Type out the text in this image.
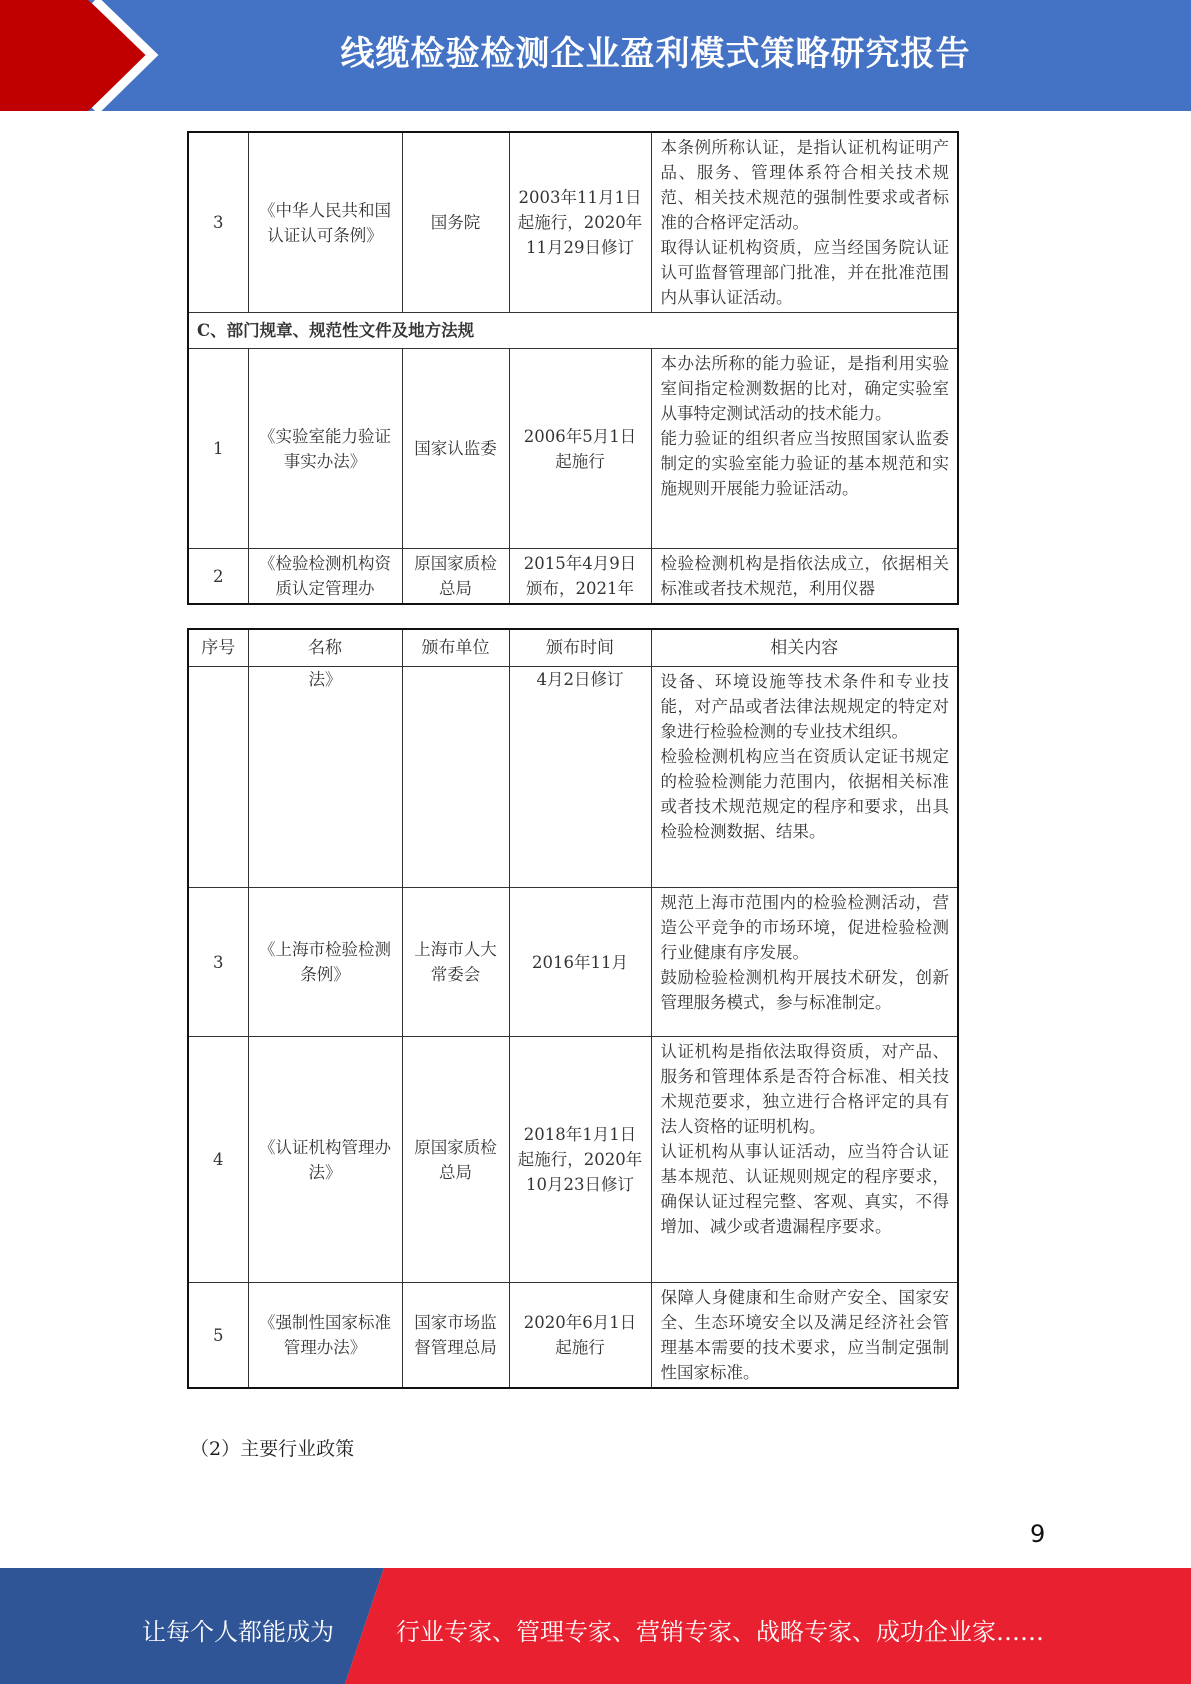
线缆检验检测企业盈利模式策略研究报告
3	《中华人民共和国认证认可条例》	国务院	2003年11月1日起施行，2020年11月29日修订	本条例所称认证，是指认证机构证明产品、服务、管理体系符合相关技术规范、相关技术规范的强制性要求或者标准的合格评定活动。
取得认证机构资质，应当经国务院认证认可监督管理部门批准，并在批准范围内从事认证活动。
C、部门规章、规范性文件及地方法规				
1	《实验室能力验证事实办法》	国家认监委	2006年5月1日起施行	本办法所称的能力验证，是指利用实验室间指定检测数据的比对，确定实验室从事特定测试活动的技术能力。
能力验证的组织者应当按照国家认监委制定的实验室能力验证的基本规范和实施规则开展能力验证活动。
2	《检验检测机构资质认定管理办	原国家质检总局	2015年4月9日颁布，2021年	检验检测机构是指依法成立，依据相关标准或者技术规范，利用仪器
序号	名称	颁布单位	颁布时间	相关内容
	法》		4月2日修订	设备、环境设施等技术条件和专业技能，对产品或者法律法规规定的特定对象进行检验检测的专业技术组织。
检验检测机构应当在资质认定证书规定的检验检测能力范围内，依据相关标准或者技术规范规定的程序和要求，出具检验检测数据、结果。
3	《上海市检验检测条例》	上海市人大常委会	2016年11月	规范上海市范围内的检验检测活动，营造公平竞争的市场环境，促进检验检测行业健康有序发展。
鼓励检验检测机构开展技术研发，创新管理服务模式，参与标准制定。
4	《认证机构管理办法》	原国家质检总局	2018年1月1日起施行，2020年10月23日修订	认证机构是指依法取得资质，对产品、服务和管理体系是否符合标准、相关技术规范要求，独立进行合格评定的具有法人资格的证明机构。
认证机构从事认证活动，应当符合认证基本规范、认证规则规定的程序要求，确保认证过程完整、客观、真实，不得增加、减少或者遗漏程序要求。
5	《强制性国家标准管理办法》	国家市场监督管理总局	2020年6月1日起施行	保障人身健康和生命财产安全、国家安全、生态环境安全以及满足经济社会管理基本需要的技术要求，应当制定强制性国家标准。
（2）主要行业政策
9
让每个人都能成为	行业专家、管理专家、营销专家、战略专家、成功企业家……
